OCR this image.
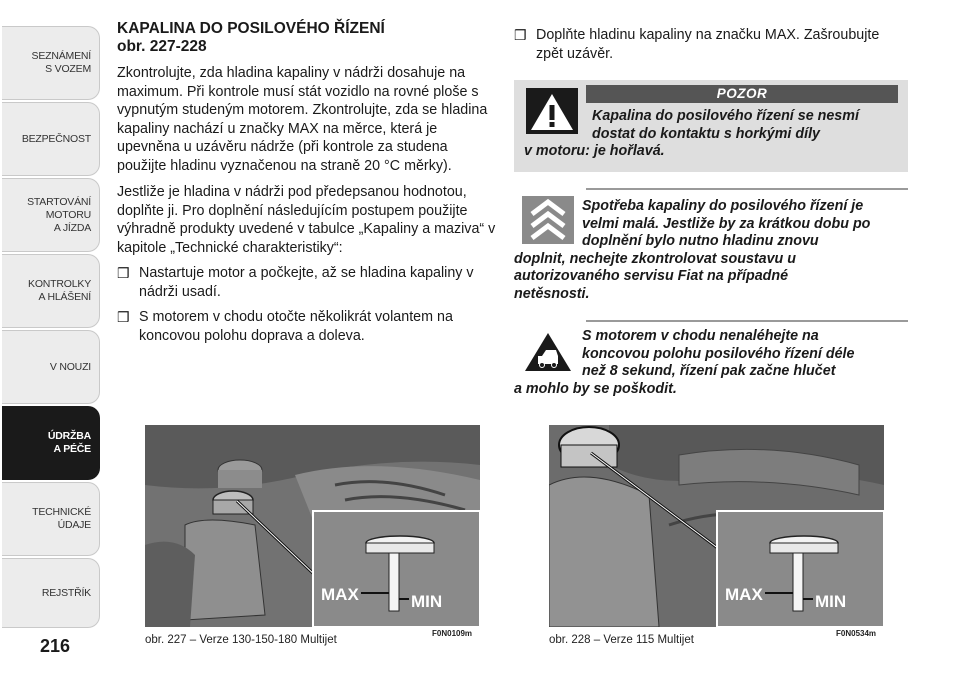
SEZNÁMENÍ
S VOZEM
BEZPEČNOST
STARTOVÁNÍ
MOTORU
A JÍZDA
KONTROLKY
A HLÁŠENÍ
V NOUZI
ÚDRŽBA
A PÉČE
TECHNICKÉ
ÚDAJE
REJSTŘÍK
216

KAPALINA DO POSILOVÉHO ŘÍZENÍ

obr. 227-228

Zkontrolujte, zda hladina kapaliny v nádrži dosahuje na maximum. Při kontrole musí stát vozidlo na rovné ploše s vypnutým studeným motorem. Zkontrolujte, zda se hladina kapaliny nachází u značky MAX na měrce, která je upevněna u uzávěru nádrže (při kontrole za studena použijte hladinu vyznačenou na straně 20 °C měrky).

Jestliže je hladina v nádrži pod předepsanou hodnotou, doplňte ji. Pro doplnění následujícím postupem použijte výhradně produkty uvedené v tabulce „Kapaliny a maziva“ v kapitole „Technické charakteristiky“:

❒ Nastartuje motor a počkejte, až se hladina kapaliny v nádrži usadí.
❒ S motorem v chodu otočte několikrát volantem na koncovou polohu doprava a doleva.
❒ Doplňte hladinu kapaliny na značku MAX. Zašroubujte zpět uzávěr.
POZOR
Kapalina do posilového řízení se nesmí
dostat do kontaktu s horkými díly
v motoru: je hořlavá.
Spotřeba kapaliny do posilového řízení je
velmi malá. Jestliže by za krátkou dobu po
doplnění bylo nutno hladinu znovu
doplnit, nechejte zkontrolovat soustavu u
autorizovaného servisu Fiat na případné
netěsnosti.
S motorem v chodu nenaléhejte na
koncovou polohu posilového řízení déle
než 8 sekund, řízení pak začne hlučet
a mohlo by se poškodit.
MAX	MIN
obr. 227 – Verze 130-150-180 Multijet
F0N0109m
MAX	MIN
obr. 228 – Verze 115 Multijet
F0N0534m
